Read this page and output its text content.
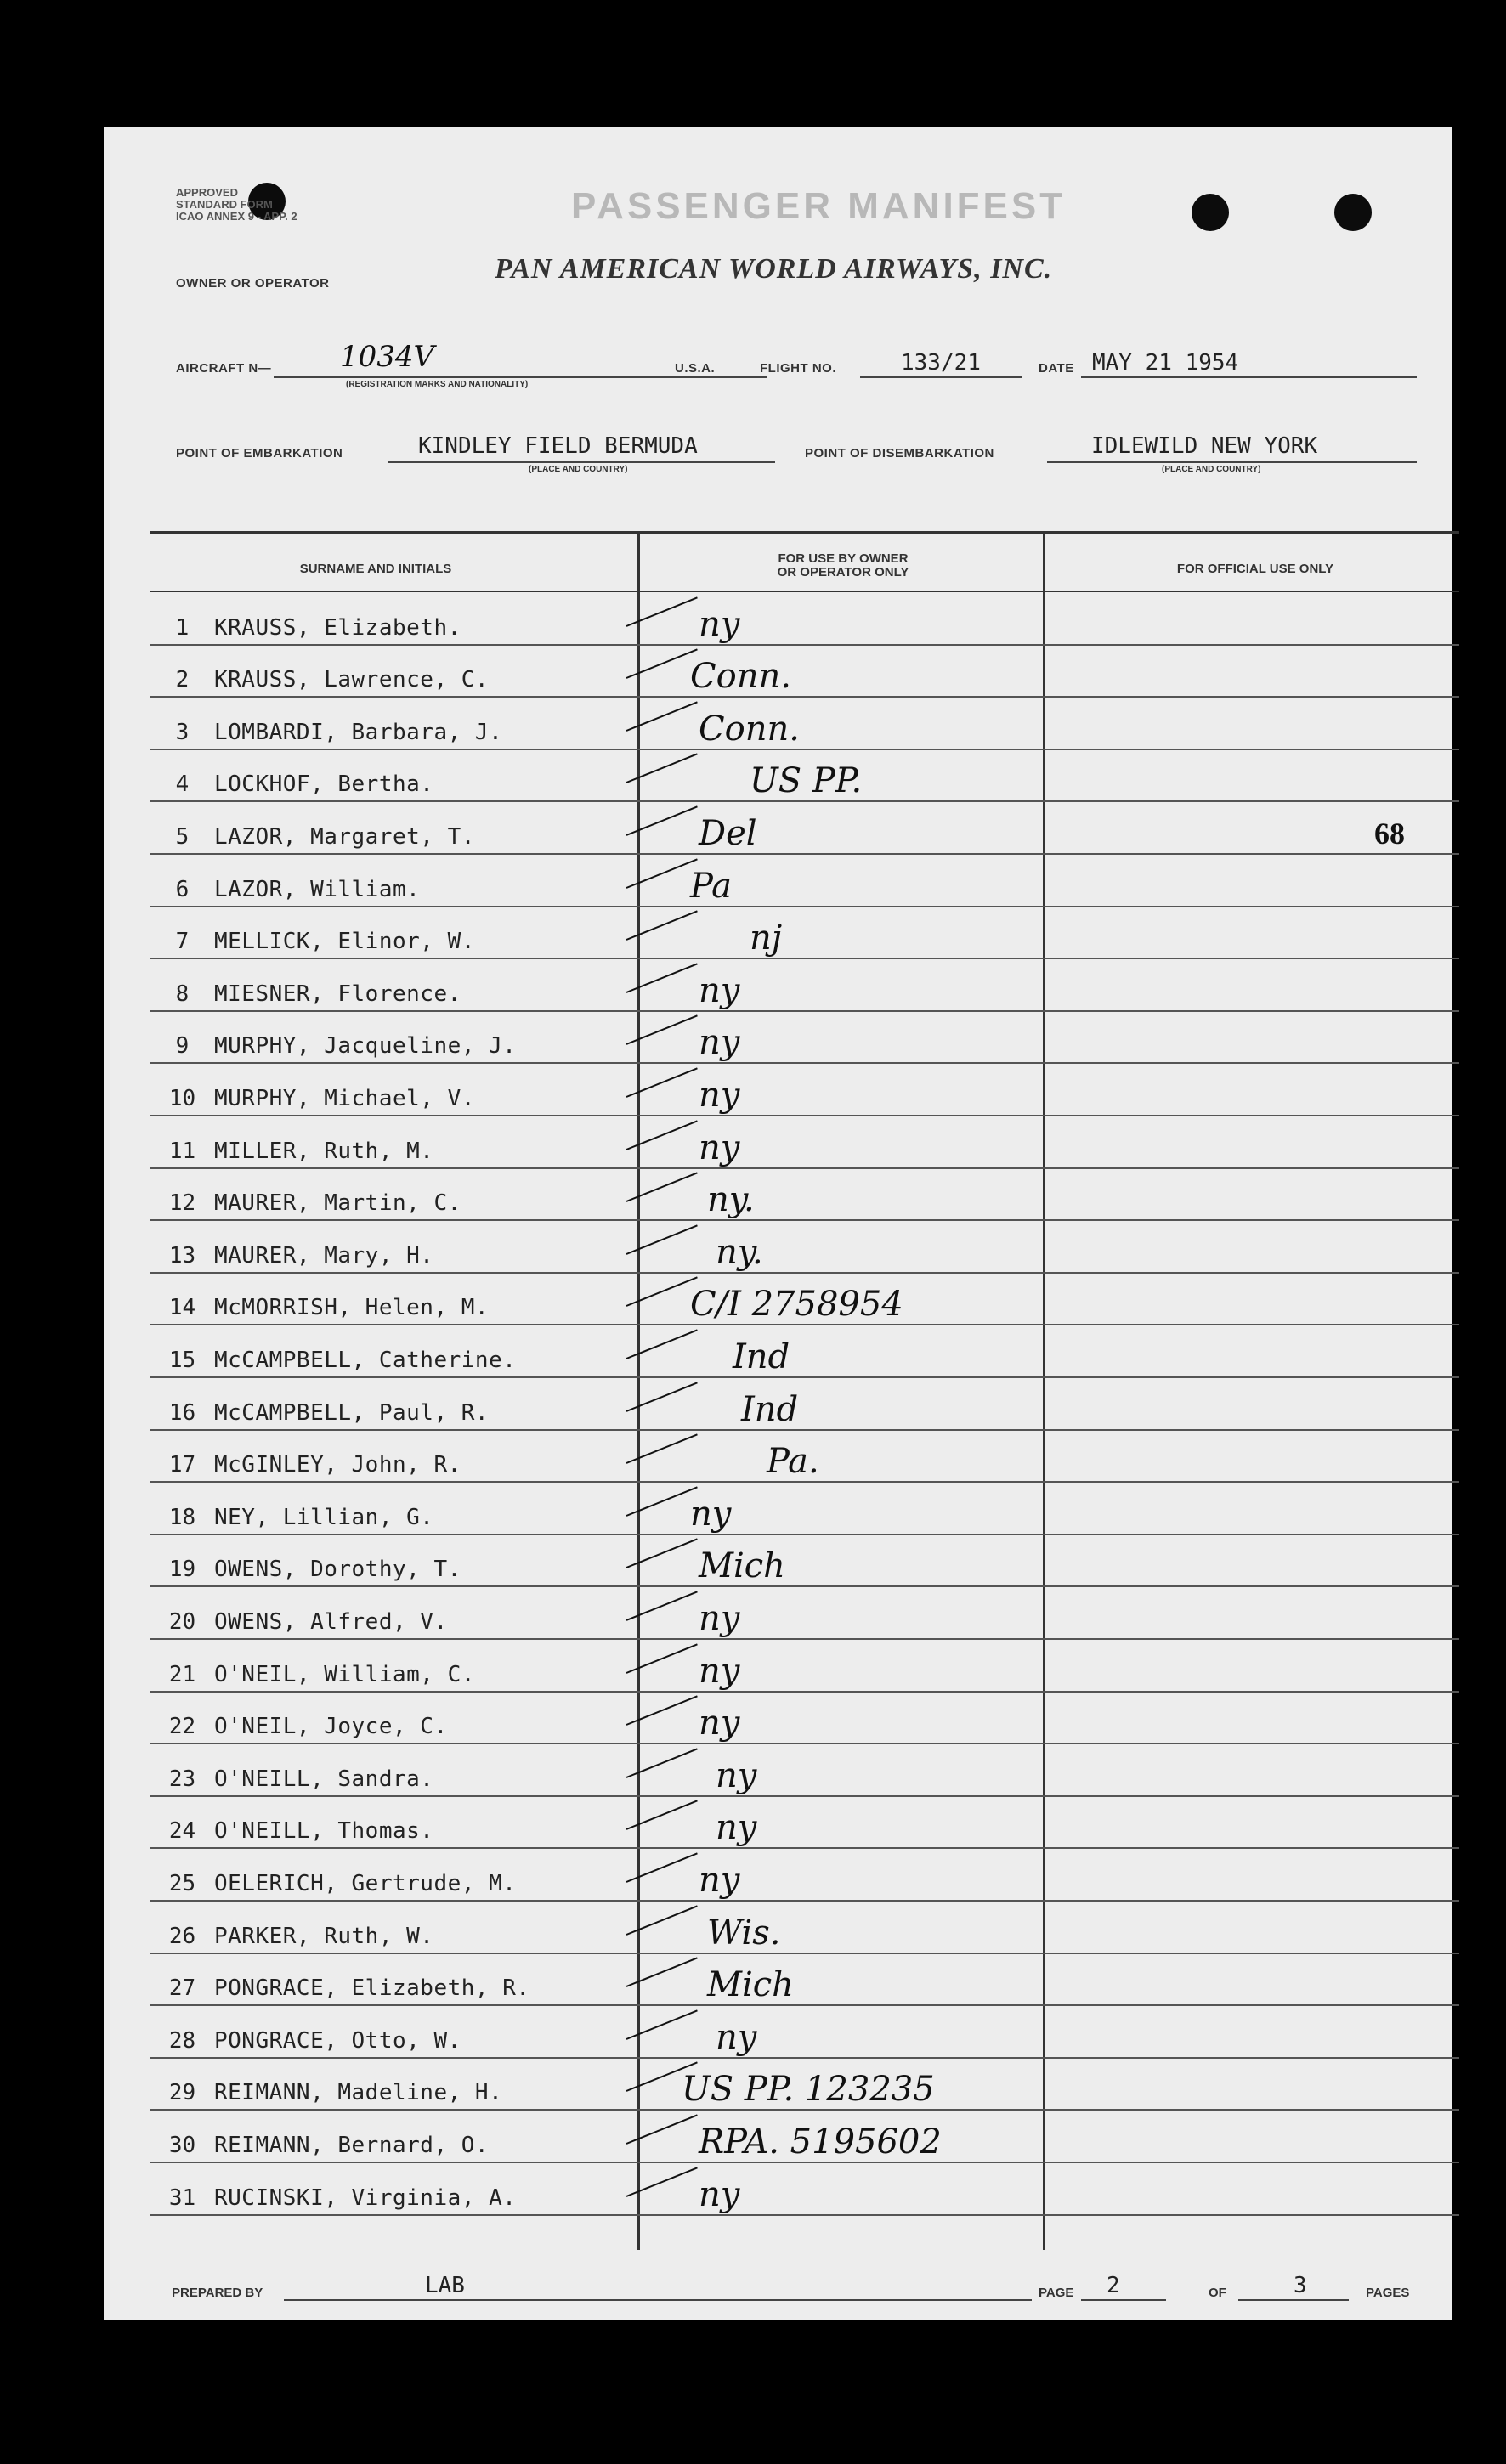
APPROVED
STANDARD FORM
ICAO ANNEX 9 - APP. 2	PASSENGER MANIFEST
OWNER OR OPERATOR	PAN AMERICAN WORLD AIRWAYS, INC.
AIRCRAFT N— 1034V
(REGISTRATION MARKS AND NATIONALITY)
U.S.A.	FLIGHT NO.	133/21	DATE MAY 21 1954
POINT OF EMBARKATION	KINDLEY FIELD BERMUDA
(PLACE AND COUNTRY)
POINT OF DISEMBARKATION	IDLEWILD NEW YORK
(PLACE AND COUNTRY)
SURNAME AND INITIALS
FOR USE BY OWNER
OR OPERATOR ONLY	FOR OFFICIAL USE ONLY
1	KRAUSS, Elizabeth.	ny
2	KRAUSS, Lawrence, C.	Conn.
3	LOMBARDI, Barbara, J.	Conn.
4	LOCKHOF, Bertha.	US PP.
5	LAZOR, Margaret, T.	Del	68
6	LAZOR, William.	Pa
7	MELLICK, Elinor, W.	nj
8	MIESNER, Florence.	ny
9	MURPHY, Jacqueline, J.	ny
10 MURPHY, Michael, V.	ny
11 MILLER, Ruth, M.	ny
12 MAURER, Martin, C.	ny.
13 MAURER, Mary, H.	ny.
14 McMORRISH, Helen, M.	C/I 2758954
15 McCAMPBELL, Catherine.	Ind
16 McCAMPBELL, Paul, R.	Ind
17 McGINLEY, John, R.	Pa.
18 NEY, Lillian, G.	ny
19 OWENS, Dorothy, T.	Mich
20 OWENS, Alfred, V.	ny
21 O'NEIL, William, C.	ny
22 O'NEIL, Joyce, C.	ny
23 O'NEILL, Sandra.	ny
24 O'NEILL, Thomas.	ny
25 OELERICH, Gertrude, M.	ny
26 PARKER, Ruth, W.	Wis.
27 PONGRACE, Elizabeth, R.	Mich
28 PONGRACE, Otto, W.	ny
29 REIMANN, Madeline, H.	US PP. 123235
30 REIMANN, Bernard, O.	RPA. 5195602
31 RUCINSKI, Virginia, A.	ny
PREPARED BY	LAB	PAGE 2	OF	3	PAGES
